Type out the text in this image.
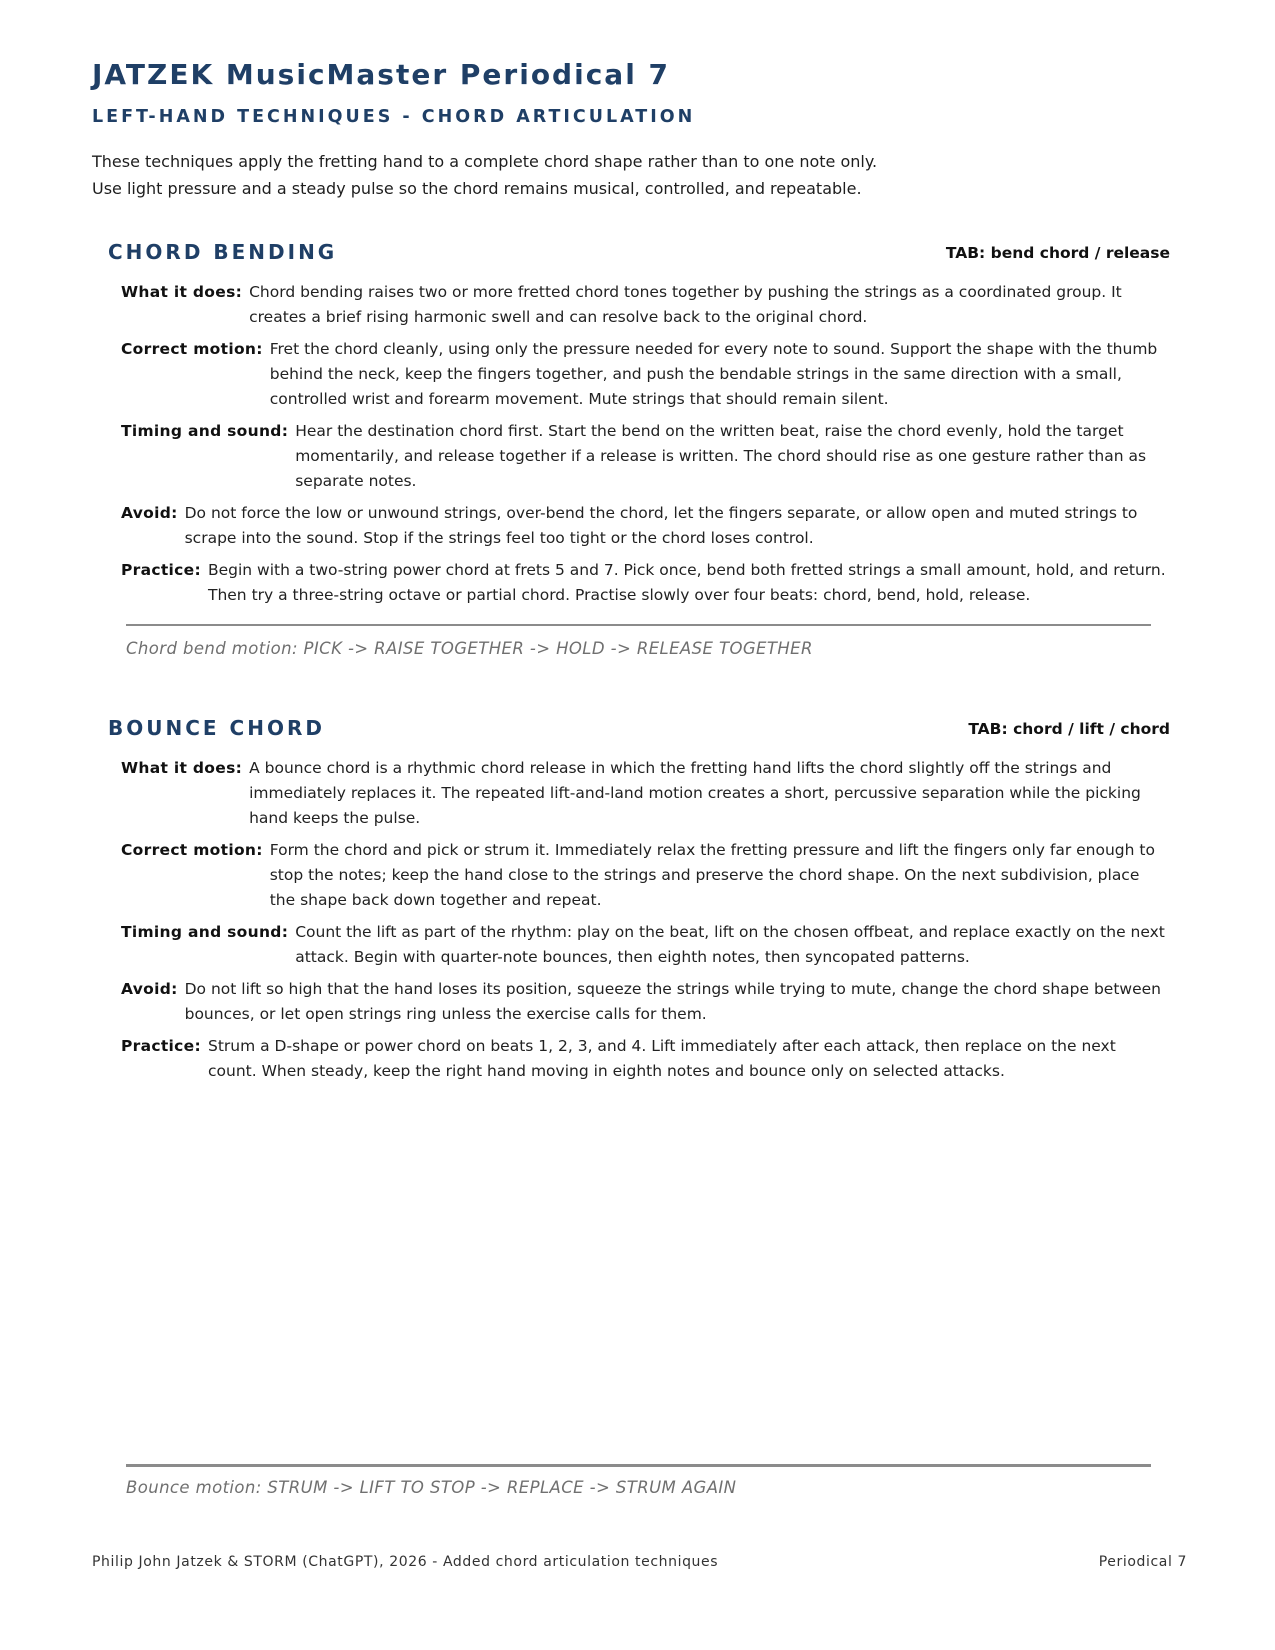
JATZEK MusicMaster Periodical 7
LEFT-HAND TECHNIQUES - CHORD ARTICULATION

These techniques apply the fretting hand to a complete chord shape rather than to one note only.

Use light pressure and a steady pulse so the chord remains musical, controlled, and repeatable.

CHORD BENDING	TAB: bend chord / release
What it does: Chord bending raises two or more fretted chord tones together by pushing the strings as a coordinated group. It creates a brief rising harmonic swell and can resolve back to the original chord.
Correct motion: Fret the chord cleanly, using only the pressure needed for every note to sound. Support the shape with the thumb behind the neck, keep the fingers together, and push the bendable strings in the same direction with a small, controlled wrist and forearm movement. Mute strings that should remain silent.
Timing and sound: Hear the destination chord first. Start the bend on the written beat, raise the chord evenly, hold the target momentarily, and release together if a release is written. The chord should rise as one gesture rather than as separate notes.
Avoid: Do not force the low or unwound strings, over-bend the chord, let the fingers separate, or allow open and muted strings to scrape into the sound. Stop if the strings feel too tight or the chord loses control.
Practice: Begin with a two-string power chord at frets 5 and 7. Pick once, bend both fretted strings a small amount, hold, and return. Then try a three-string octave or partial chord. Practise slowly over four beats: chord, bend, hold, release.
Chord bend motion: PICK -> RAISE TOGETHER -> HOLD -> RELEASE TOGETHER
BOUNCE CHORD	TAB: chord / lift / chord
What it does: A bounce chord is a rhythmic chord release in which the fretting hand lifts the chord slightly off the strings and immediately replaces it. The repeated lift-and-land motion creates a short, percussive separation while the picking hand keeps the pulse.
Correct motion: Form the chord and pick or strum it. Immediately relax the fretting pressure and lift the fingers only far enough to stop the notes; keep the hand close to the strings and preserve the chord shape. On the next subdivision, place the shape back down together and repeat.
Timing and sound: Count the lift as part of the rhythm: play on the beat, lift on the chosen offbeat, and replace exactly on the next attack. Begin with quarter-note bounces, then eighth notes, then syncopated patterns.
Avoid: Do not lift so high that the hand loses its position, squeeze the strings while trying to mute, change the chord shape between bounces, or let open strings ring unless the exercise calls for them.
Practice: Strum a D-shape or power chord on beats 1, 2, 3, and 4. Lift immediately after each attack, then replace on the next count. When steady, keep the right hand moving in eighth notes and bounce only on selected attacks.
Bounce motion: STRUM -> LIFT TO STOP -> REPLACE -> STRUM AGAIN
Philip John Jatzek & STORM (ChatGPT), 2026 - Added chord articulation techniques	Periodical 7
